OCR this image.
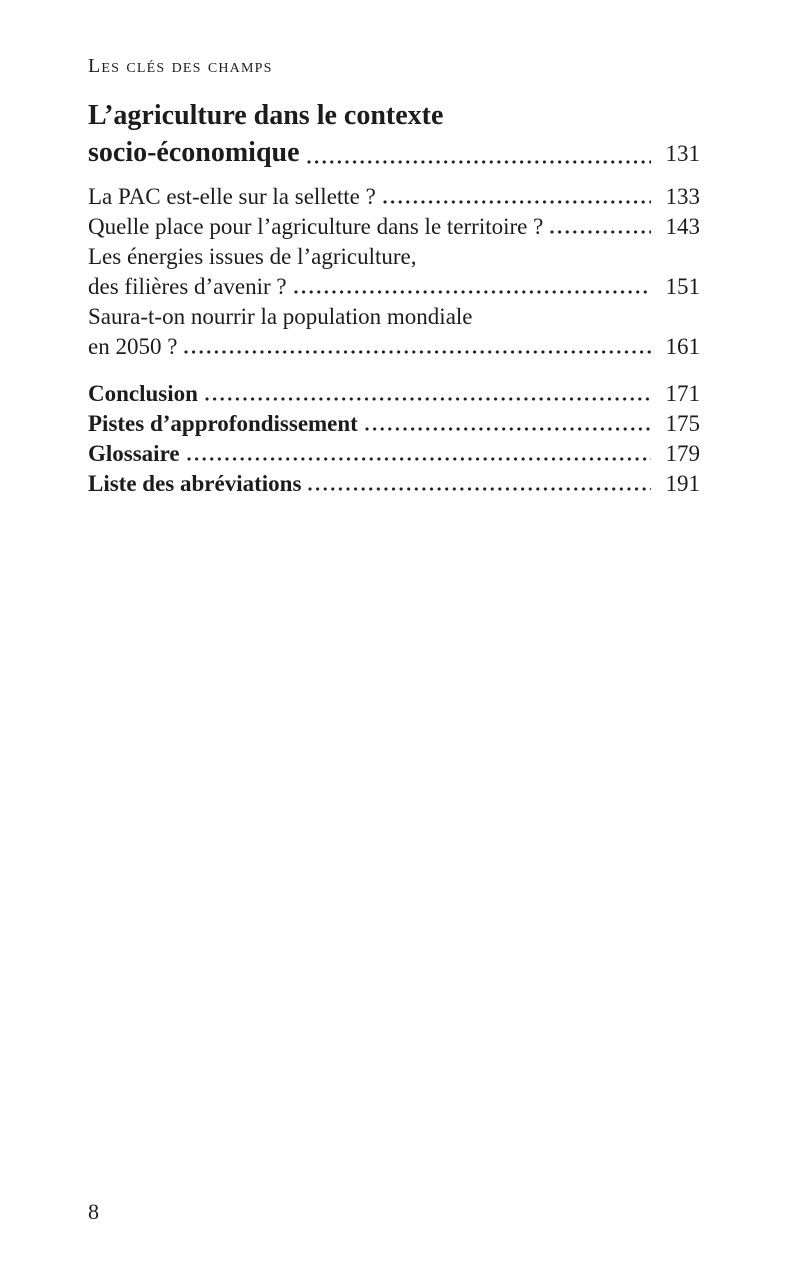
Les clés des champs
L’agriculture dans le contexte
socio-économique	131
La PAC est-elle sur la sellette ?	133
Quelle place pour l’agriculture dans le territoire ?	143
Les énergies issues de l’agriculture,
des filières d’avenir ?	151
Saura-t-on nourrir la population mondiale
en 2050 ?	161
Conclusion	171
Pistes d’approfondissement	175
Glossaire	179
Liste des abréviations	191
8
